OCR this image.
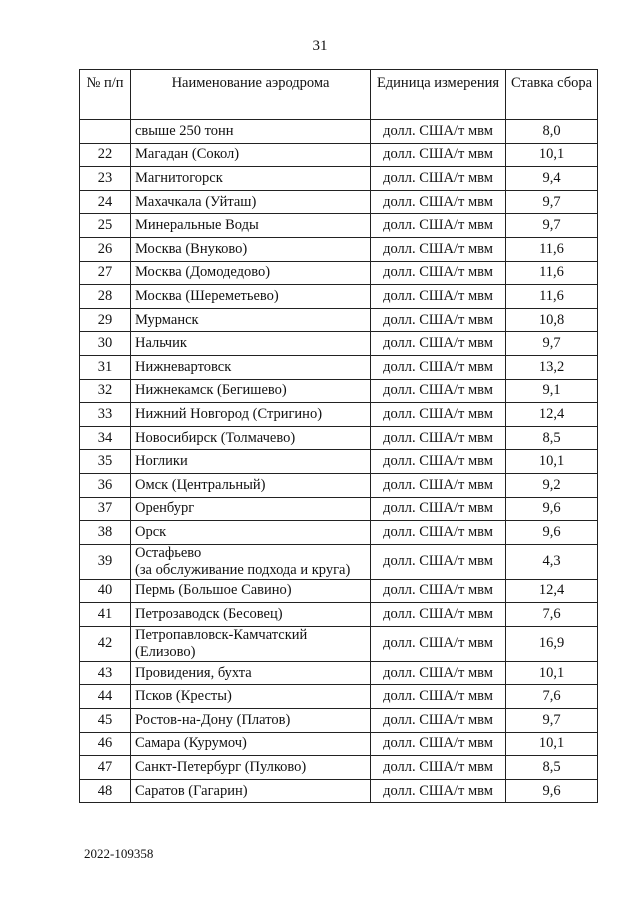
31
№ п/п	Наименование аэродрома	Единица измерения	Ставка сбора
	свыше 250 тонн	долл. США/т мвм	8,0
22	Магадан (Сокол)	долл. США/т мвм	10,1
23	Магнитогорск	долл. США/т мвм	9,4
24	Махачкала (Уйташ)	долл. США/т мвм	9,7
25	Минеральные Воды	долл. США/т мвм	9,7
26	Москва (Внуково)	долл. США/т мвм	11,6
27	Москва (Домодедово)	долл. США/т мвм	11,6
28	Москва (Шереметьево)	долл. США/т мвм	11,6
29	Мурманск	долл. США/т мвм	10,8
30	Нальчик	долл. США/т мвм	9,7
31	Нижневартовск	долл. США/т мвм	13,2
32	Нижнекамск (Бегишево)	долл. США/т мвм	9,1
33	Нижний Новгород (Стригино)	долл. США/т мвм	12,4
34	Новосибирск (Толмачево)	долл. США/т мвм	8,5
35	Ноглики	долл. США/т мвм	10,1
36	Омск (Центральный)	долл. США/т мвм	9,2
37	Оренбург	долл. США/т мвм	9,6
38	Орск	долл. США/т мвм	9,6
39	Остафьево
(за обслуживание подхода и круга)	долл. США/т мвм	4,3
40	Пермь (Большое Савино)	долл. США/т мвм	12,4
41	Петрозаводск (Бесовец)	долл. США/т мвм	7,6
42	Петропавловск-Камчатский
(Елизово)	долл. США/т мвм	16,9
43	Провидения, бухта	долл. США/т мвм	10,1
44	Псков (Кресты)	долл. США/т мвм	7,6
45	Ростов-на-Дону (Платов)	долл. США/т мвм	9,7
46	Самара (Курумоч)	долл. США/т мвм	10,1
47	Санкт-Петербург (Пулково)	долл. США/т мвм	8,5
48	Саратов (Гагарин)	долл. США/т мвм	9,6
2022-109358
